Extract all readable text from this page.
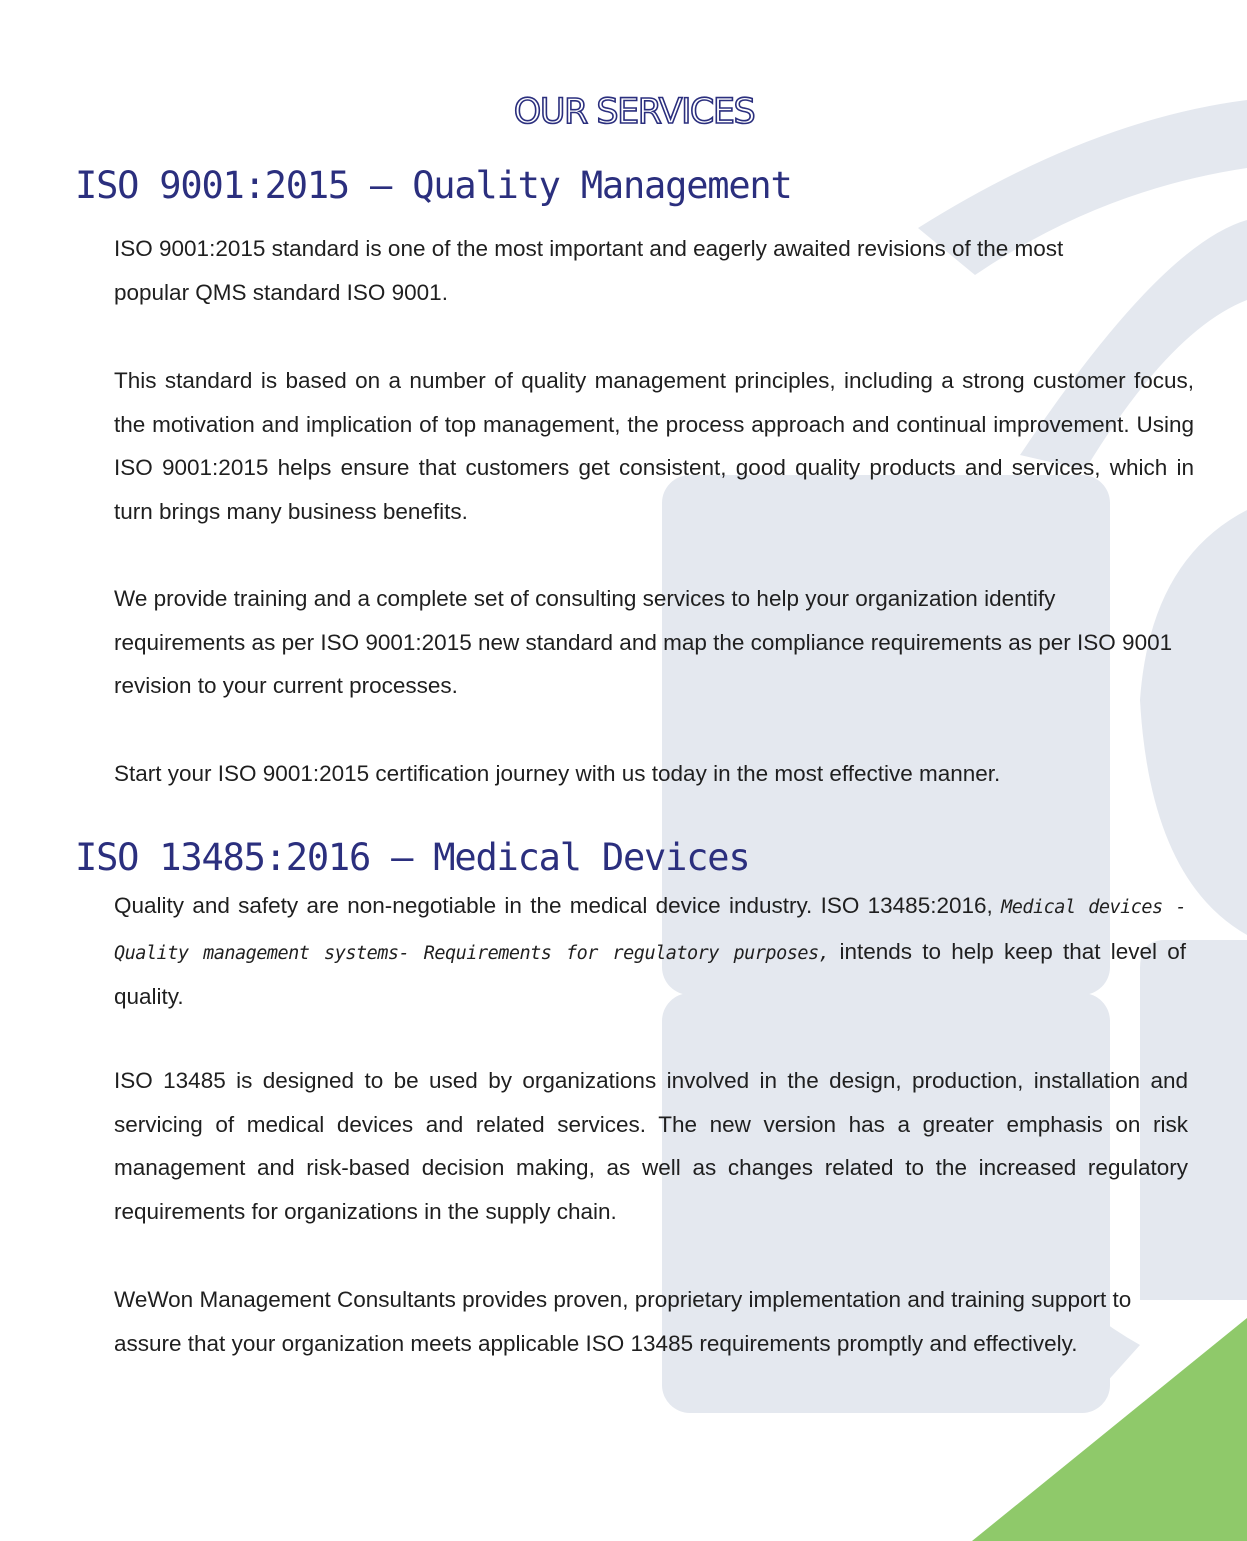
OUR SERVICES
ISO 9001:2015 – Quality Management

ISO 9001:2015 standard is one of the most important and eagerly awaited revisions of the most popular QMS standard ISO 9001.

This standard is based on a number of quality management principles, including a strong customer focus, the motivation and implication of top management, the process approach and continual improvement. Using ISO 9001:2015 helps ensure that customers get consistent, good quality products and services, which in turn brings many business benefits.

We provide training and a complete set of consulting services to help your organization identify requirements as per ISO 9001:2015 new standard and map the compliance requirements as per ISO 9001 revision to your current processes.

Start your ISO 9001:2015 certification journey with us today in the most effective manner.

ISO 13485:2016 – Medical Devices

Quality and safety are non-negotiable in the medical device industry. ISO 13485:2016, Medical devices - Quality management systems- Requirements for regulatory purposes, intends to help keep that level of quality.

ISO 13485 is designed to be used by organizations involved in the design, production, installation and servicing of medical devices and related services. The new version has a greater emphasis on risk management and risk-based decision making, as well as changes related to the increased regulatory requirements for organizations in the supply chain.

WeWon Management Consultants provides proven, proprietary implementation and training support to assure that your organization meets applicable ISO 13485 requirements promptly and effectively.
